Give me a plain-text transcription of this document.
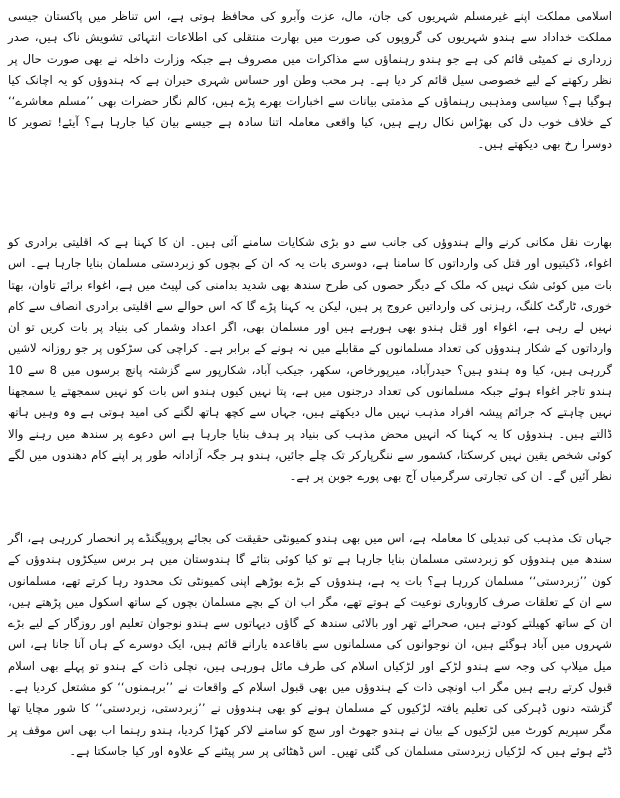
اسلامی مملکت اپنے غیرمسلم شہریوں کی جان، مال، عزت وآبرو کی محافظ ہوتی ہے، اس تناظر میں پاکستان جیسی مملکت خداداد سے ہندو شہریوں کی گروپوں کی صورت میں بھارت منتقلی کی اطلاعات انتہائی تشویش ناک ہیں، صدر زرداری نے کمیٹی قائم کی ہے جو ہندو رہنماؤں سے مذاکرات میں مصروف ہے جبکہ وزارت داخلہ نے بھی صورت حال پر نظر رکھنے کے لیے خصوصی سیل قائم کر دیا ہے۔ ہر محب وطن اور حساس شہری حیران ہے کہ ہندوؤں کو یہ اچانک کیا ہوگیا ہے؟ سیاسی ومذہبی رہنماؤں کے مذمتی بیانات سے اخبارات بھرے پڑے ہیں، کالم نگار حضرات بھی ’’مسلم معاشرے‘‘ کے خلاف خوب دل کی بھڑاس نکال رہے ہیں، کیا واقعی معاملہ اتنا سادہ ہے جیسے بیان کیا جارہا ہے؟ آیئے! تصویر کا دوسرا رخ بھی دیکھتے ہیں۔

بھارت نقل مکانی کرنے والے ہندوؤں کی جانب سے دو بڑی شکایات سامنے آئی ہیں۔ ان کا کہنا ہے کہ اقلیتی برادری کو اغواء، ڈکیتیوں اور قتل کی وارداتوں کا سامنا ہے، دوسری بات یہ کہ ان کے بچوں کو زبردستی مسلمان بنایا جارہا ہے۔ اس بات میں کوئی شک نہیں کہ ملک کے دیگر حصوں کی طرح سندھ بھی شدید بدامنی کی لپیٹ میں ہے، اغواء برائے تاوان، بھتا خوری، ٹارگٹ کلنگ، رہزنی کی وارداتیں عروج پر ہیں، لیکن یہ کہنا پڑے گا کہ اس حوالے سے اقلیتی برادری انصاف سے کام نہیں لے رہی ہے، اغواء اور قتل ہندو بھی ہورہے ہیں اور مسلمان بھی، اگر اعداد وشمار کی بنیاد پر بات کریں تو ان وارداتوں کے شکار ہندوؤں کی تعداد مسلمانوں کے مقابلے میں نہ ہونے کے برابر ہے۔ کراچی کی سڑکوں پر جو روزانہ لاشیں گررہی ہیں، کیا وہ ہندو ہیں؟ حیدرآباد، میرپورخاص، سکھر، جیکب آباد، شکارپور سے گزشتہ پانچ برسوں میں 8 سے 10 ہندو تاجر اغواء ہوئے جبکہ مسلمانوں کی تعداد درجنوں میں ہے، پتا نہیں کیوں ہندو اس بات کو نہیں سمجھتے یا سمجھنا نہیں چاہتے کہ جرائم پیشہ افراد مذہب نہیں مال دیکھتے ہیں، جہاں سے کچھ ہاتھ لگنے کی امید ہوتی ہے وہ وہیں ہاتھ ڈالتے ہیں۔ ہندوؤں کا یہ کہنا کہ انہیں محض مذہب کی بنیاد پر ہدف بنایا جارہا ہے اس دعوے پر سندھ میں رہنے والا کوئی شخص یقین نہیں کرسکتا، کشمور سے ننگرپارکر تک چلے جائیں، ہندو ہر جگہ آزادانہ طور پر اپنے کام دھندوں میں لگے نظر آئیں گے۔ ان کی تجارتی سرگرمیاں آج بھی پورے جوبن پر ہے۔

جہاں تک مذہب کی تبدیلی کا معاملہ ہے، اس میں بھی ہندو کمیونٹی حقیقت کی بجائے پروپیگنڈے پر انحصار کررہی ہے، اگر سندھ میں ہندوؤں کو زبردستی مسلمان بنایا جارہا ہے تو کیا کوئی بتائے گا ہندوستان میں ہر برس سیکڑوں ہندوؤں کے کون ’’زبردستی‘‘ مسلمان کررہا ہے؟ بات یہ ہے، ہندوؤں کے بڑے بوڑھے اپنی کمیونٹی تک محدود رہا کرتے تھے، مسلمانوں سے ان کے تعلقات صرف کاروباری نوعیت کے ہوتے تھے، مگر اب ان کے بچے مسلمان بچوں کے ساتھ اسکول میں پڑھتے ہیں، ان کے ساتھ کھیلتے کودتے ہیں، صحرائے تھر اور بالائی سندھ کے گاؤں دیہاتوں سے ہندو نوجوان تعلیم اور روزگار کے لیے بڑے شہروں میں آباد ہوگئے ہیں، ان نوجوانوں کی مسلمانوں سے باقاعدہ یارانے قائم ہیں، ایک دوسرے کے ہاں آنا جانا ہے، اس میل میلاپ کی وجہ سے ہندو لڑکے اور لڑکیاں اسلام کی طرف مائل ہورہی ہیں، نچلی ذات کے ہندو تو پہلے بھی اسلام قبول کرتے رہے ہیں مگر اب اونچی ذات کے ہندوؤں میں بھی قبول اسلام کے واقعات نے ’’برہمنوں‘‘ کو مشتعل کردیا ہے۔ گزشتہ دنوں ڈہرکی کی تعلیم یافتہ لڑکیوں کے مسلمان ہونے کو بھی ہندوؤں نے ’’زبردستی، زبردستی‘‘ کا شور مچایا تھا مگر سپریم کورٹ میں لڑکیوں کے بیان نے ہندو جھوٹ اور سچ کو سامنے لاکر کھڑا کردیا، ہندو رہنما اب بھی اس موقف پر ڈٹے ہوئے ہیں کہ لڑکیاں زبردستی مسلمان کی گئی تھیں۔ اس ڈھٹائی پر سر پیٹنے کے علاوہ اور کیا جاسکتا ہے۔
